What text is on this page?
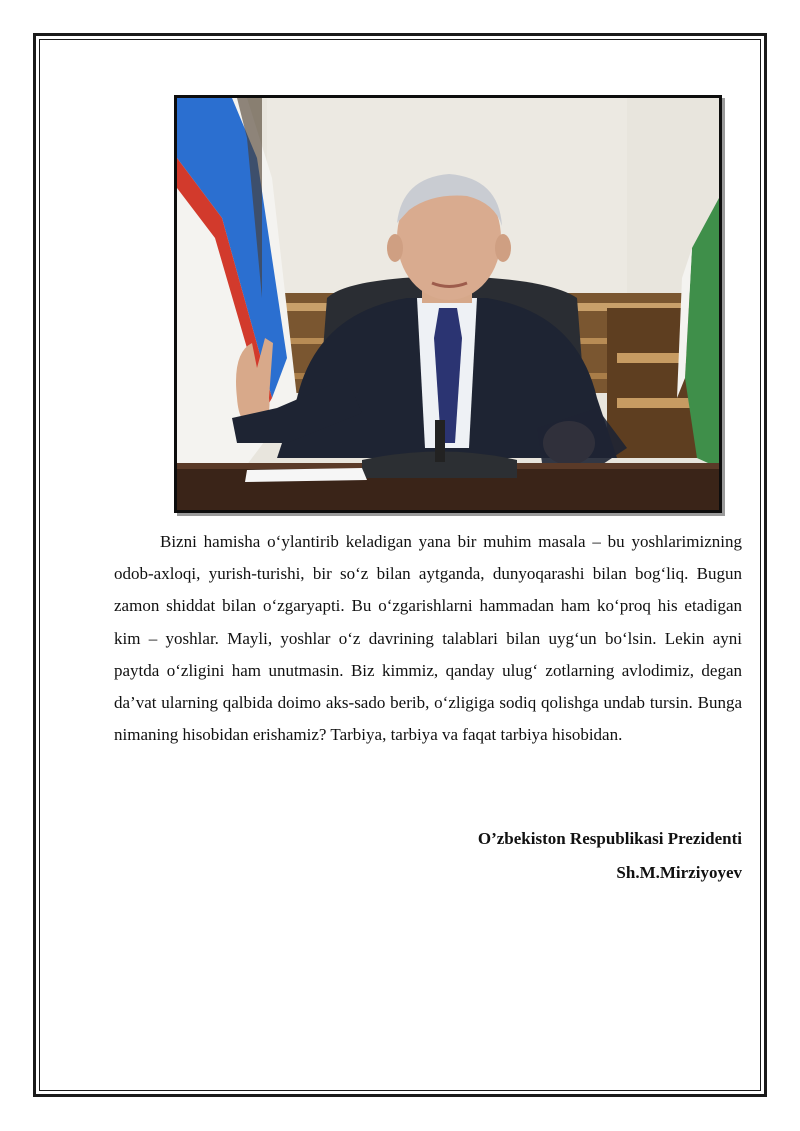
Bizni hamisha o‘ylantirib keladigan yana bir muhim masala – bu yoshlarimizning odob-axloqi, yurish-turishi, bir so‘z bilan aytganda, dunyoqarashi bilan bog‘liq. Bugun zamon shiddat bilan o‘zgaryapti. Bu o‘zgarishlarni hammadan ham ko‘proq his etadigan kim – yoshlar. Mayli, yoshlar o‘z davrining talablari bilan uyg‘un bo‘lsin. Lekin ayni paytda o‘zligini ham unutmasin. Biz kimmiz, qanday ulug‘ zotlarning avlodimiz, degan da’vat ularning qalbida doimo aks-sado berib, o‘zligiga sodiq qolishga undab tursin. Bunga nimaning hisobidan erishamiz? Tarbiya, tarbiya va faqat tarbiya hisobidan.

O’zbekiston Respublikasi Prezidenti
Sh.M.Mirziyoyev
